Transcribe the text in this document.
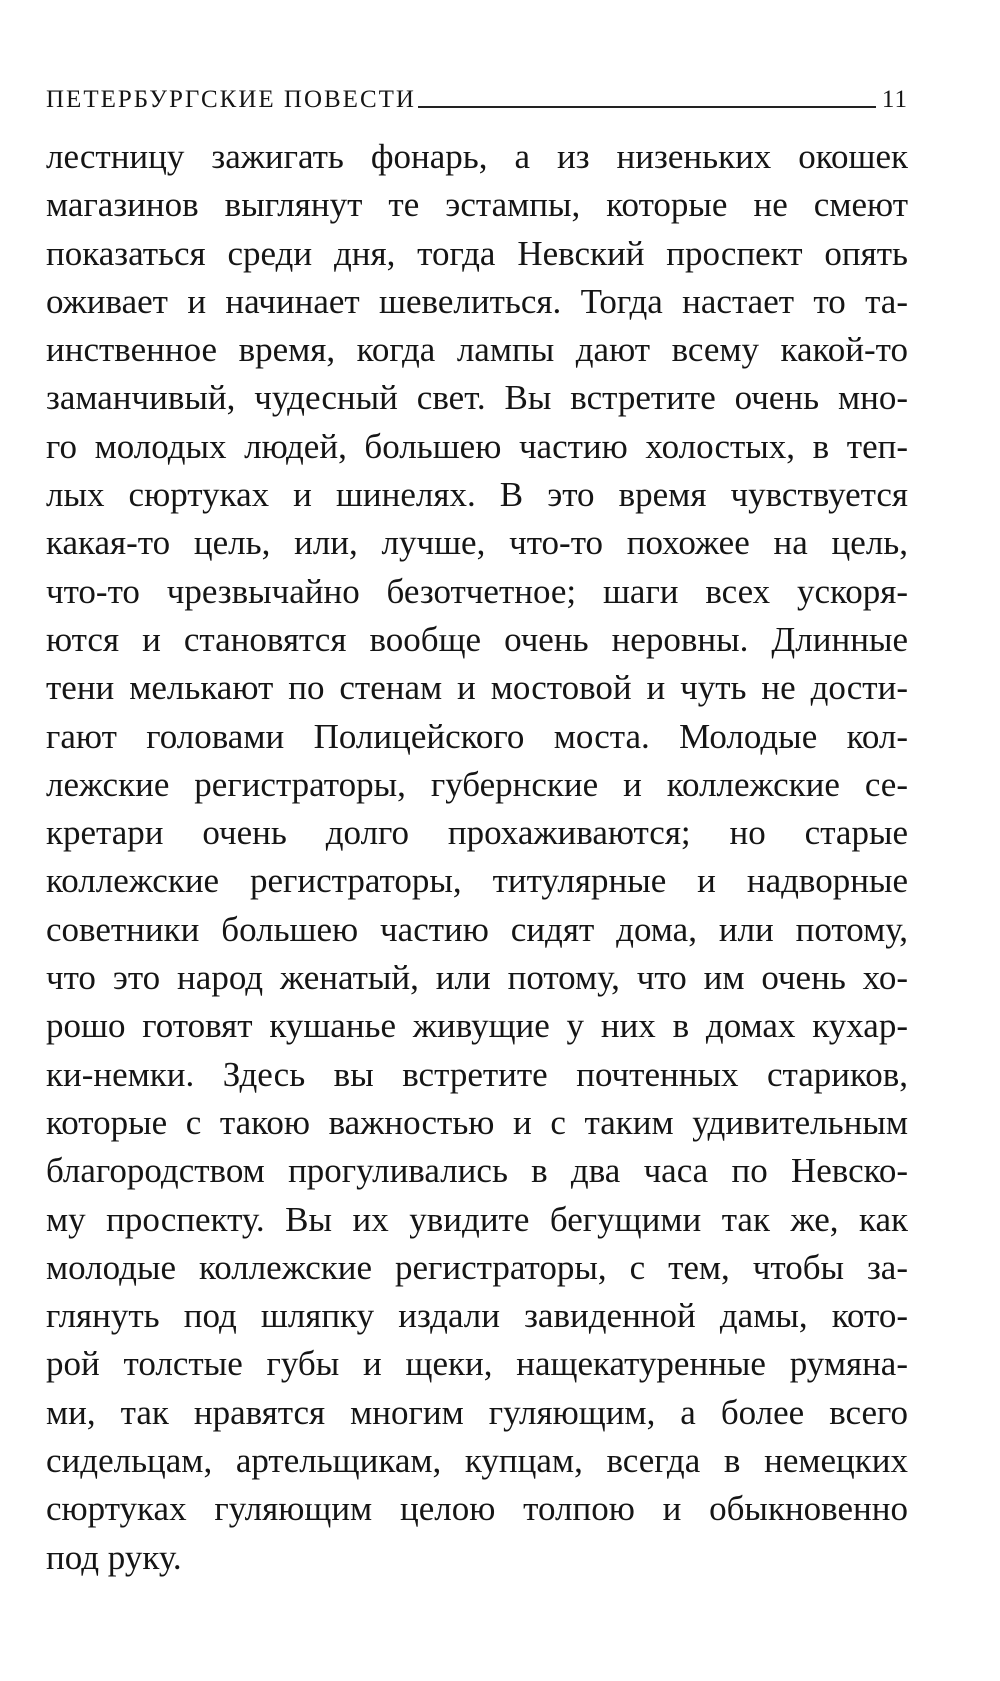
ПЕТЕРБУРГСКИЕ ПОВЕСТИ	11
лестницу зажигать фонарь, а из низеньких окошек
магазинов выглянут те эстампы, которые не смеют
показаться среди дня, тогда Невский проспект опять
оживает и начинает шевелиться. Тогда настает то та-
инственное время, когда лампы дают всему какой-то
заманчивый, чудесный свет. Вы встретите очень мно-
го молодых людей, большею частию холостых, в теп-
лых сюртуках и шинелях. В это время чувствуется
какая-то цель, или, лучше, что-то похожее на цель,
что-то чрезвычайно безотчетное; шаги всех ускоря-
ются и становятся вообще очень неровны. Длинные
тени мелькают по стенам и мостовой и чуть не дости-
гают головами Полицейского моста. Молодые кол-
лежские регистраторы, губернские и коллежские се-
кретари очень долго прохаживаются; но старые
коллежские регистраторы, титулярные и надворные
советники большею частию сидят дома, или потому,
что это народ женатый, или потому, что им очень хо-
рошо готовят кушанье живущие у них в домах кухар-
ки-немки. Здесь вы встретите почтенных стариков,
которые с такою важностью и с таким удивительным
благородством прогуливались в два часа по Невско-
му проспекту. Вы их увидите бегущими так же, как
молодые коллежские регистраторы, с тем, чтобы за-
глянуть под шляпку издали завиденной дамы, кото-
рой толстые губы и щеки, нащекатуренные румяна-
ми, так нравятся многим гуляющим, а более всего
сидельцам, артельщикам, купцам, всегда в немецких
сюртуках гуляющим целою толпою и обыкновенно
под руку.
